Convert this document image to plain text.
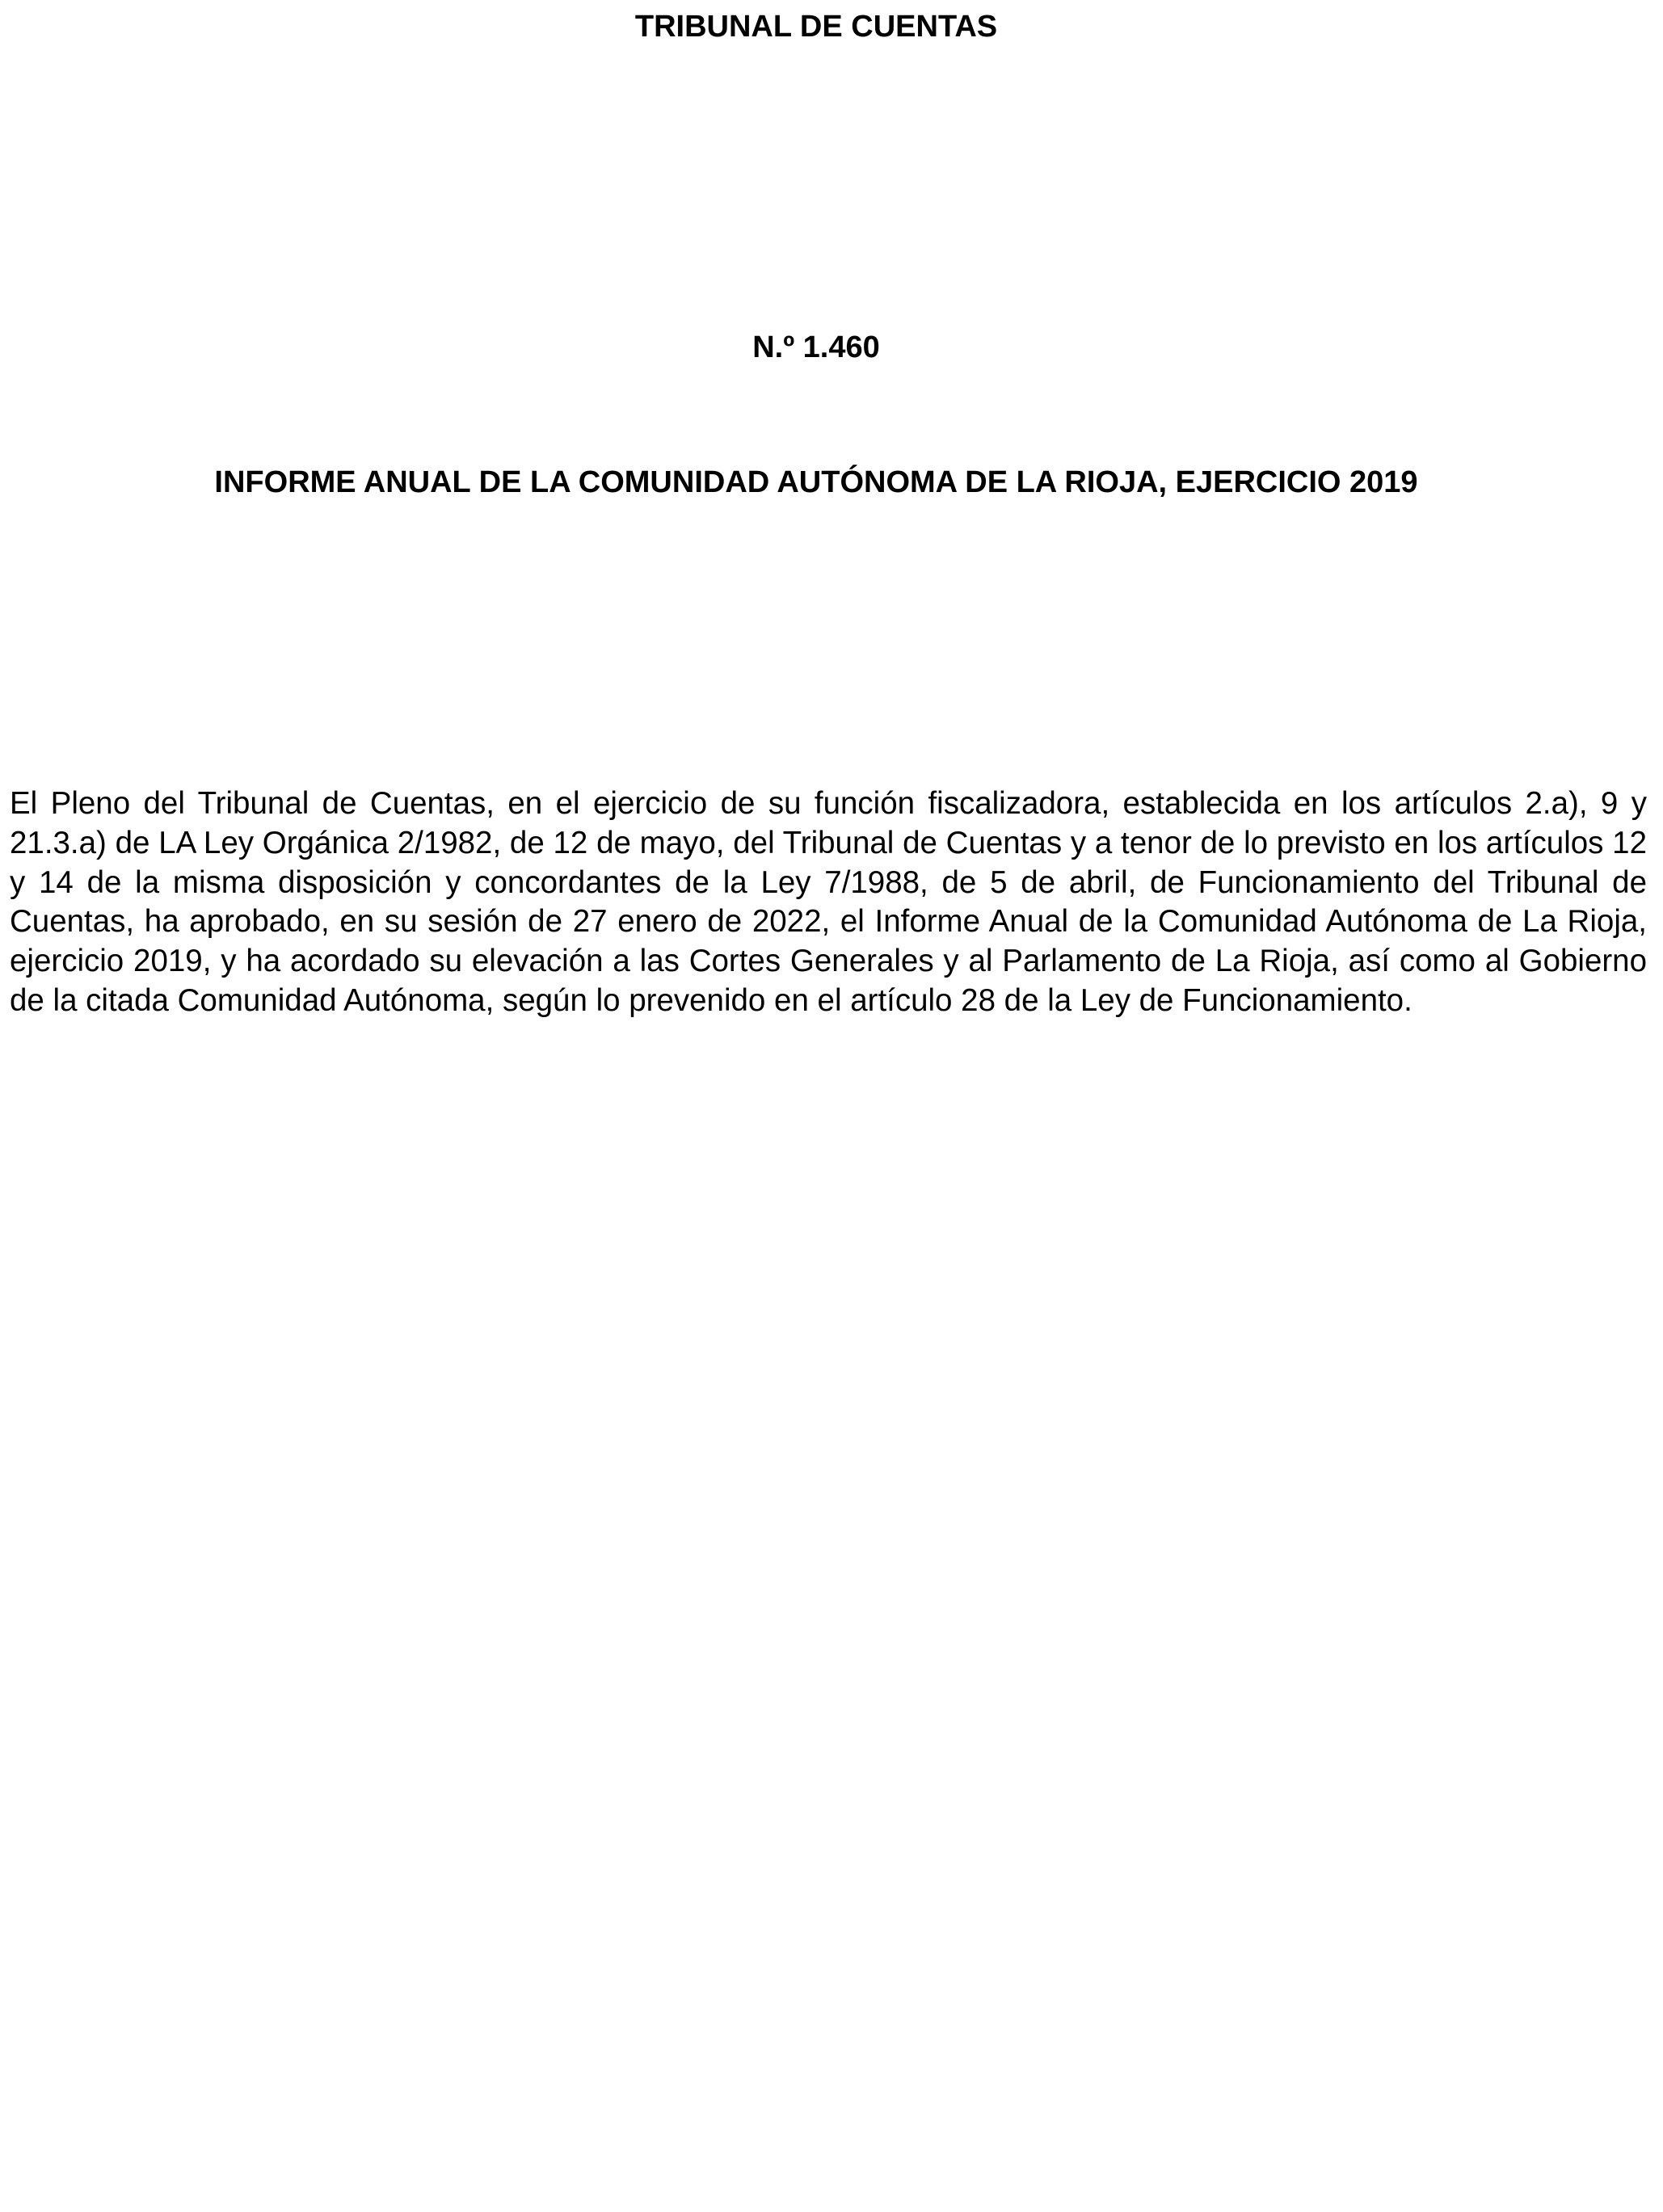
TRIBUNAL DE CUENTAS
N.º 1.460
INFORME ANUAL DE LA COMUNIDAD AUTÓNOMA DE LA RIOJA, EJERCICIO 2019

El Pleno del Tribunal de Cuentas, en el ejercicio de su función fiscalizadora, establecida en los artículos 2.a), 9 y 21.3.a) de LA Ley Orgánica 2/1982, de 12 de mayo, del Tribunal de Cuentas y a tenor de lo previsto en los artículos 12 y 14 de la misma disposición y concordantes de la Ley 7/1988, de 5 de abril, de Funcionamiento del Tribunal de Cuentas, ha aprobado, en su sesión de 27 enero de 2022, el Informe Anual de la Comunidad Autónoma de La Rioja, ejercicio 2019, y ha acordado su elevación a las Cortes Generales y al Parlamento de La Rioja, así como al Gobierno de la citada Comunidad Autónoma, según lo prevenido en el artículo 28 de la Ley de Funcionamiento.
